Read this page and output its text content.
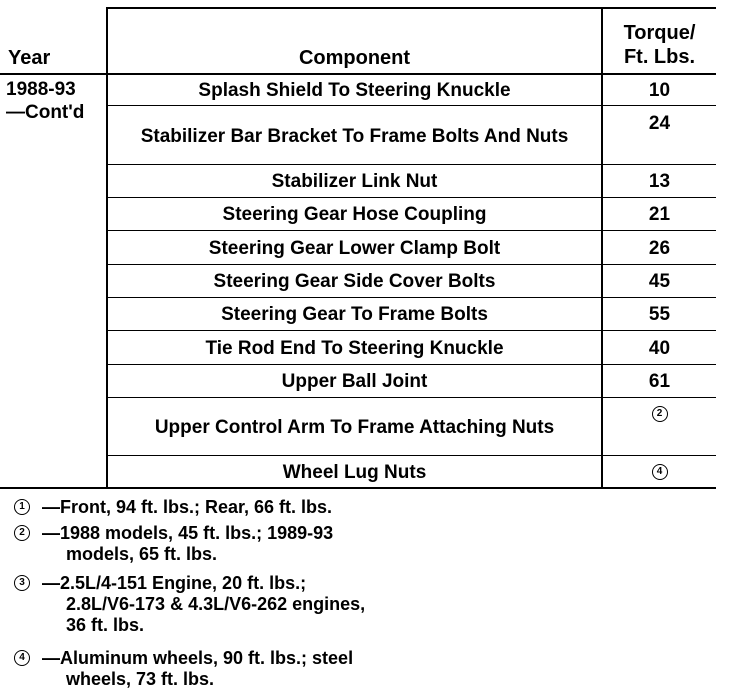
Year	Component
Torque/
Ft. Lbs.
1988-93
—Cont'd
Splash Shield To Steering Knuckle
Stabilizer Bar Bracket To Frame Bolts And Nuts
Stabilizer Link Nut
Steering Gear Hose Coupling
Steering Gear Lower Clamp Bolt
Steering Gear Side Cover Bolts
Steering Gear To Frame Bolts
Tie Rod End To Steering Knuckle
Upper Ball Joint
Upper Control Arm To Frame Attaching Nuts
Wheel Lug Nuts
10
24
13
21
26
45
55
40
61
2
4
1 —Front, 94 ft. lbs.; Rear, 66 ft. lbs.
2 —1988 models, 45 ft. lbs.; 1989-93
models, 65 ft. lbs.
3 —2.5L/4-151 Engine, 20 ft. lbs.;
2.8L/V6-173 & 4.3L/V6-262 engines,
36 ft. lbs.
4 —Aluminum wheels, 90 ft. lbs.; steel
wheels, 73 ft. lbs.
